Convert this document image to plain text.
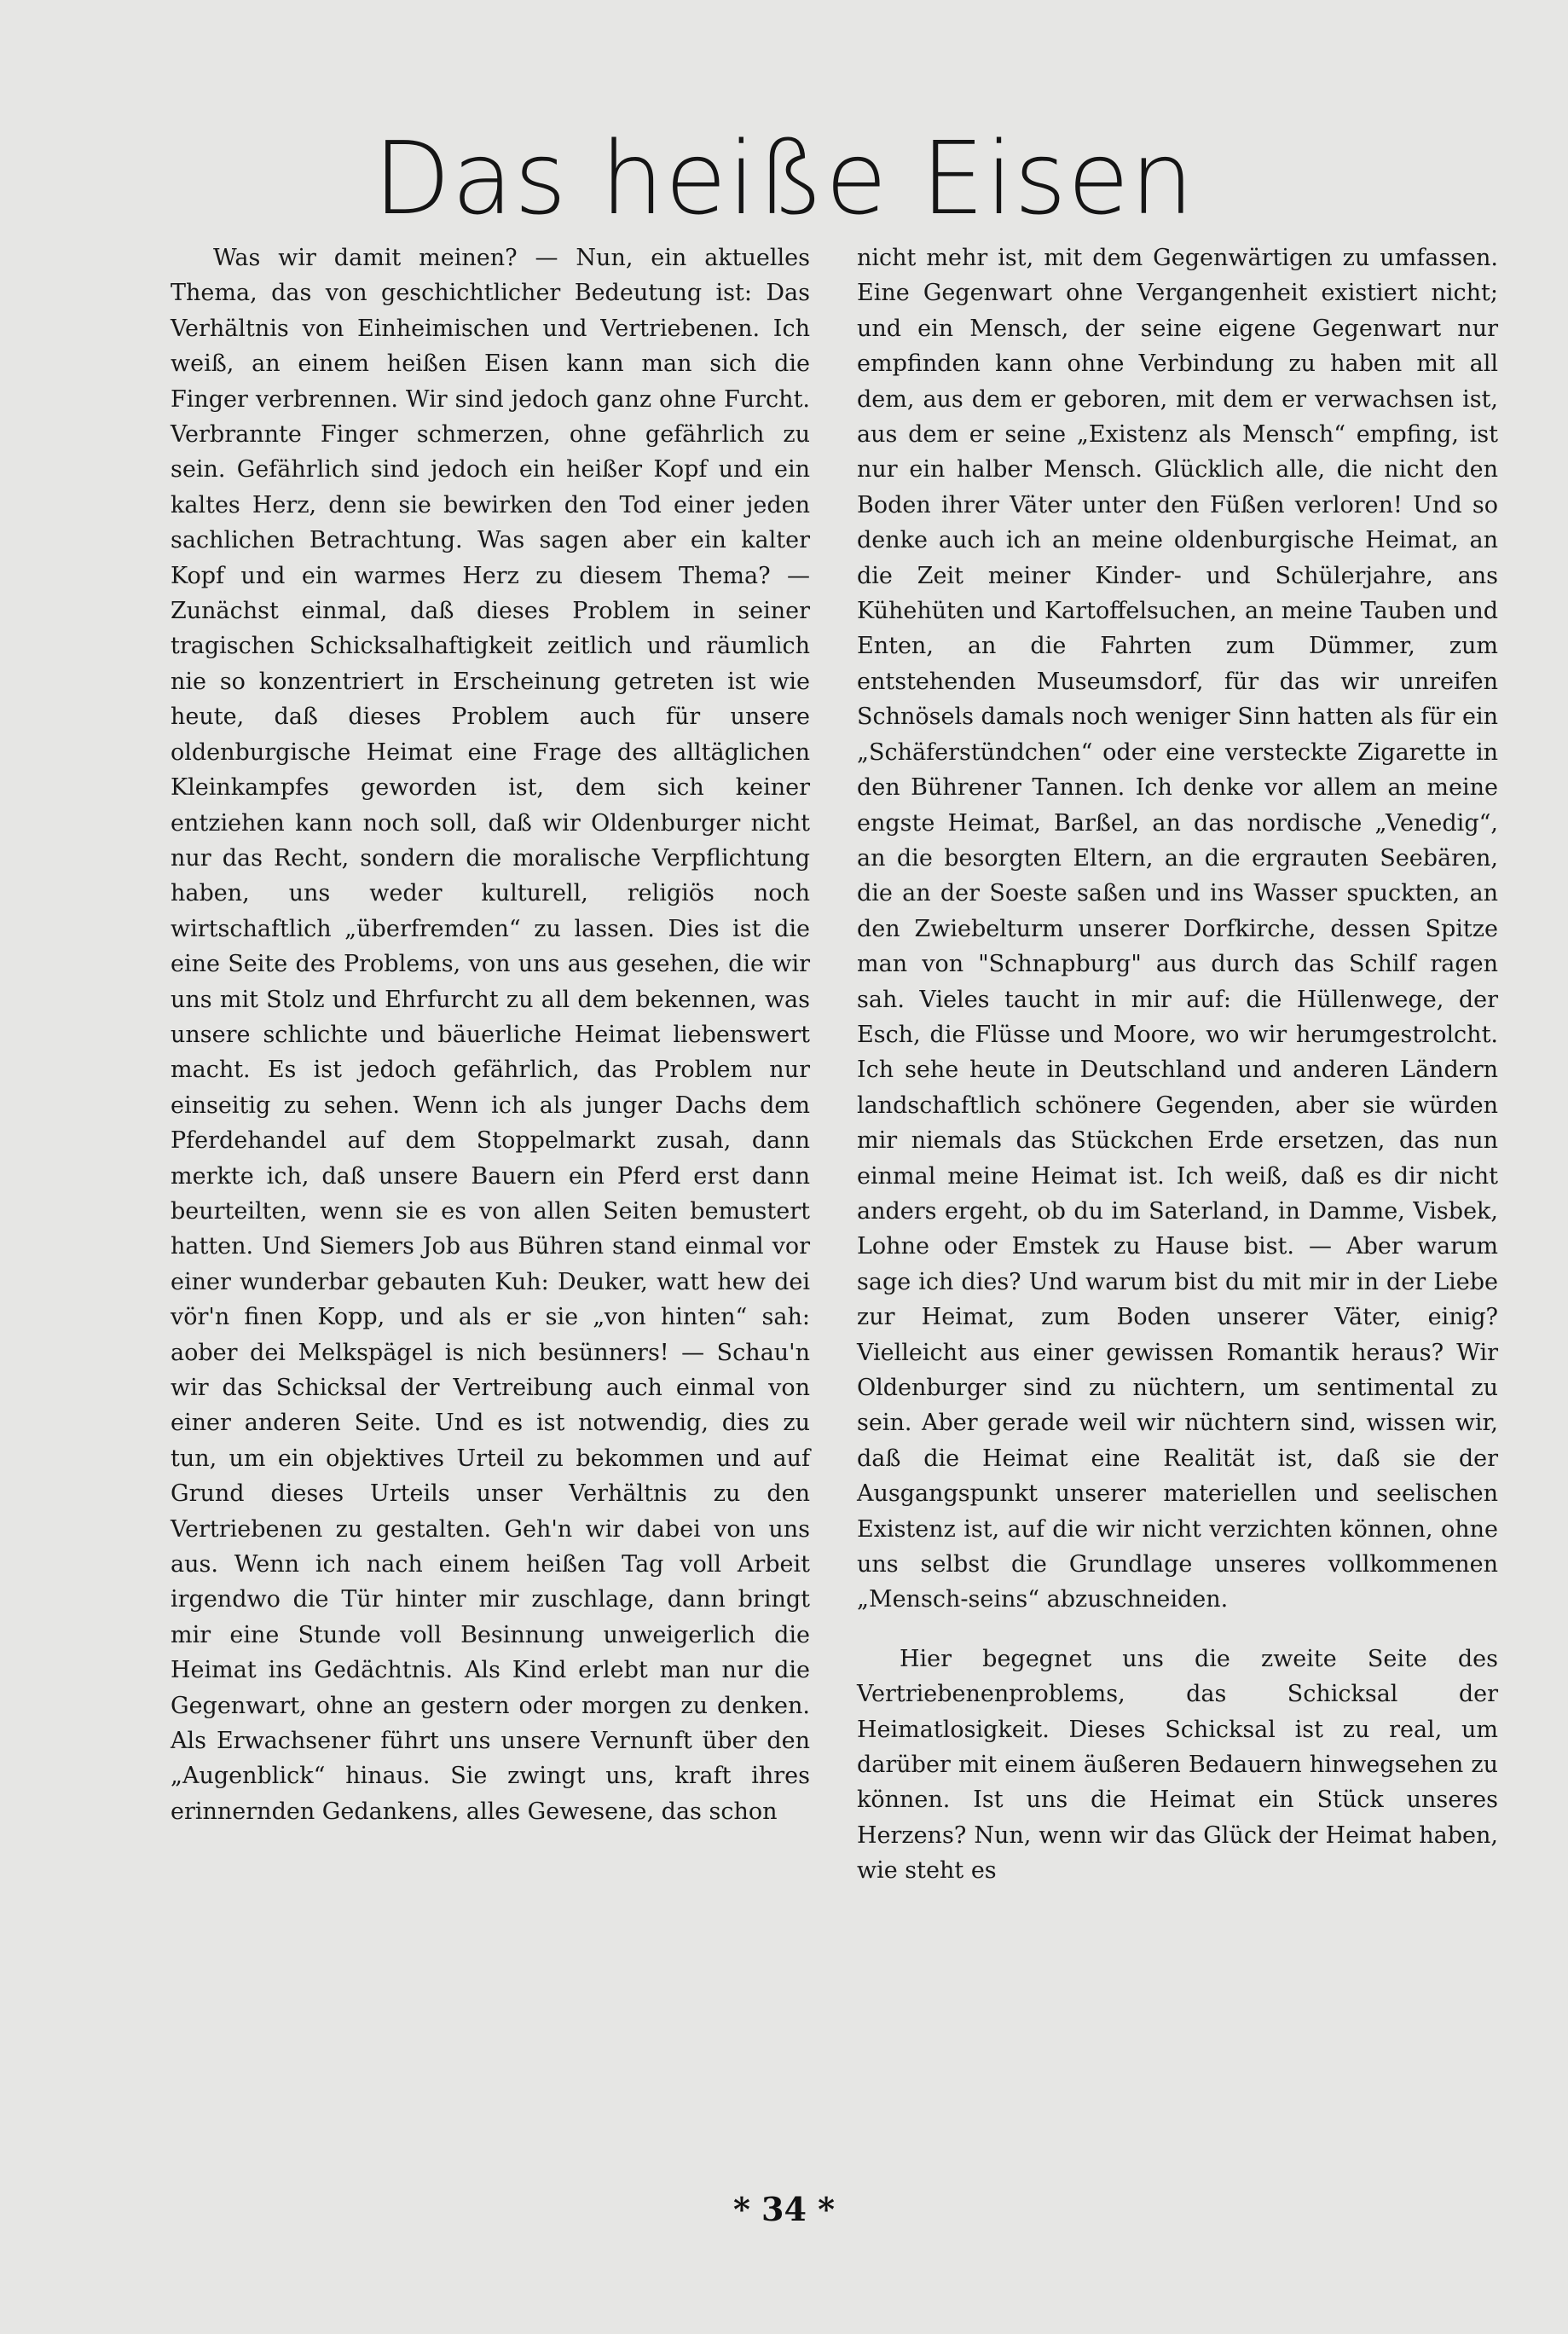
Das heiße Eisen

Was wir damit meinen? — Nun, ein aktuelles Thema, das von geschichtlicher Bedeutung ist: Das Verhältnis von Einheimischen und Vertriebenen. Ich weiß, an einem heißen Eisen kann man sich die Finger verbrennen. Wir sind jedoch ganz ohne Furcht. Verbrannte Finger schmerzen, ohne gefährlich zu sein. Gefährlich sind jedoch ein heißer Kopf und ein kaltes Herz, denn sie bewirken den Tod einer jeden sachlichen Betrachtung. Was sagen aber ein kalter Kopf und ein warmes Herz zu diesem Thema? — Zunächst einmal, daß dieses Problem in seiner tragischen Schicksalhaftigkeit zeitlich und räumlich nie so konzentriert in Erscheinung getreten ist wie heute, daß dieses Problem auch für unsere oldenburgische Heimat eine Frage des alltäglichen Kleinkampfes geworden ist, dem sich keiner entziehen kann noch soll, daß wir Oldenburger nicht nur das Recht, sondern die moralische Verpflichtung haben, uns weder kulturell, religiös noch wirtschaftlich „überfremden“ zu lassen. Dies ist die eine Seite des Problems, von uns aus gesehen, die wir uns mit Stolz und Ehrfurcht zu all dem bekennen, was unsere schlichte und bäuerliche Heimat liebenswert macht. Es ist jedoch gefährlich, das Problem nur einseitig zu sehen. Wenn ich als junger Dachs dem Pferdehandel auf dem Stoppelmarkt zusah, dann merkte ich, daß unsere Bauern ein Pferd erst dann beurteilten, wenn sie es von allen Seiten bemustert hatten. Und Siemers Job aus Bühren stand einmal vor einer wunderbar gebauten Kuh: Deuker, watt hew dei vör'n finen Kopp, und als er sie „von hinten“ sah: aober dei Melkspägel is nich besünners! — Schau'n wir das Schicksal der Vertreibung auch einmal von einer anderen Seite. Und es ist notwendig, dies zu tun, um ein objektives Urteil zu bekommen und auf Grund dieses Urteils unser Verhältnis zu den Vertriebenen zu gestalten. Geh'n wir dabei von uns aus. Wenn ich nach einem heißen Tag voll Arbeit irgendwo die Tür hinter mir zuschlage, dann bringt mir eine Stunde voll Besinnung unweigerlich die Heimat ins Gedächtnis. Als Kind erlebt man nur die Gegenwart, ohne an gestern oder morgen zu denken. Als Erwachsener führt uns unsere Vernunft über den „Augenblick“ hinaus. Sie zwingt uns, kraft ihres erinnernden Gedankens, alles Gewesene, das schon

nicht mehr ist, mit dem Gegenwärtigen zu umfassen. Eine Gegenwart ohne Vergangenheit existiert nicht; und ein Mensch, der seine eigene Gegenwart nur empfinden kann ohne Verbindung zu haben mit all dem, aus dem er geboren, mit dem er verwachsen ist, aus dem er seine „Existenz als Mensch“ empfing, ist nur ein halber Mensch. Glücklich alle, die nicht den Boden ihrer Väter unter den Füßen verloren! Und so denke auch ich an meine oldenburgische Heimat, an die Zeit meiner Kinder- und Schülerjahre, ans Kühehüten und Kartoffelsuchen, an meine Tauben und Enten, an die Fahrten zum Dümmer, zum entstehenden Museumsdorf, für das wir unreifen Schnösels damals noch weniger Sinn hatten als für ein „Schäferstündchen“ oder eine versteckte Zigarette in den Bührener Tannen. Ich denke vor allem an meine engste Heimat, Barßel, an das nordische „Venedig“, an die besorgten Eltern, an die ergrauten Seebären, die an der Soeste saßen und ins Wasser spuckten, an den Zwiebelturm unserer Dorfkirche, dessen Spitze man von "Schnapburg" aus durch das Schilf ragen sah. Vieles taucht in mir auf: die Hüllenwege, der Esch, die Flüsse und Moore, wo wir herumgestrolcht. Ich sehe heute in Deutschland und anderen Ländern landschaftlich schönere Gegenden, aber sie würden mir niemals das Stückchen Erde ersetzen, das nun einmal meine Heimat ist. Ich weiß, daß es dir nicht anders ergeht, ob du im Saterland, in Damme, Visbek, Lohne oder Emstek zu Hause bist. — Aber warum sage ich dies? Und warum bist du mit mir in der Liebe zur Heimat, zum Boden unserer Väter, einig? Vielleicht aus einer gewissen Romantik heraus? Wir Oldenburger sind zu nüchtern, um sentimental zu sein. Aber gerade weil wir nüchtern sind, wissen wir, daß die Heimat eine Realität ist, daß sie der Ausgangspunkt unserer materiellen und seelischen Existenz ist, auf die wir nicht verzichten können, ohne uns selbst die Grundlage unseres vollkommenen „Mensch-seins“ abzuschneiden.

Hier begegnet uns die zweite Seite des Vertriebenenproblems, das Schicksal der Heimatlosigkeit. Dieses Schicksal ist zu real, um darüber mit einem äußeren Bedauern hinwegsehen zu können. Ist uns die Heimat ein Stück unseres Herzens? Nun, wenn wir das Glück der Heimat haben, wie steht es

* 34 *
